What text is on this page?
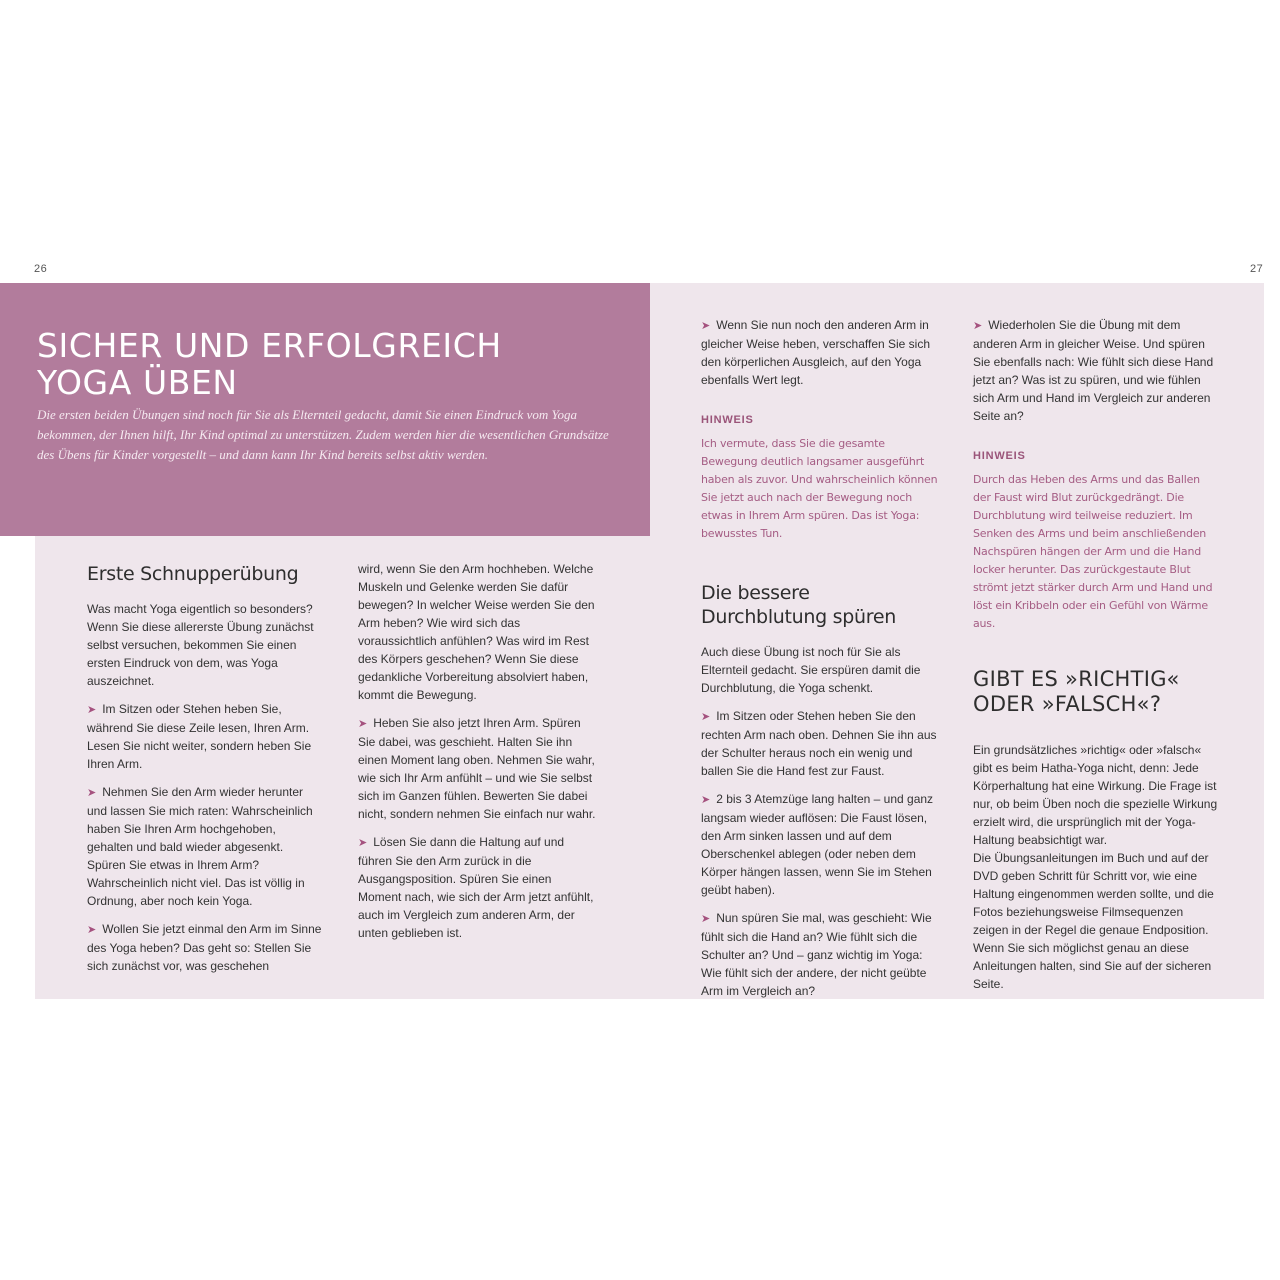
26	27
SICHER UND ERFOLGREICH
YOGA ÜBEN

Die ersten beiden Übungen sind noch für Sie als Elternteil gedacht, damit Sie einen Eindruck vom Yoga bekommen, der Ihnen hilft, Ihr Kind optimal zu unterstützen. Zudem werden hier die wesentlichen Grundsätze des Übens für Kinder vorgestellt – und dann kann Ihr Kind bereits selbst aktiv werden.

Erste Schnupperübung

Was macht Yoga eigentlich so besonders? Wenn Sie diese allererste Übung zunächst selbst versuchen, bekommen Sie einen ersten Eindruck von dem, was Yoga auszeichnet.

➤ Im Sitzen oder Stehen heben Sie, während Sie diese Zeile lesen, Ihren Arm. Lesen Sie nicht weiter, sondern heben Sie Ihren Arm.

➤ Nehmen Sie den Arm wieder herunter und lassen Sie mich raten: Wahrscheinlich haben Sie Ihren Arm hochgehoben, gehalten und bald wieder abgesenkt. Spüren Sie etwas in Ihrem Arm? Wahrscheinlich nicht viel. Das ist völlig in Ordnung, aber noch kein Yoga.

➤ Wollen Sie jetzt einmal den Arm im Sinne des Yoga heben? Das geht so: Stellen Sie sich zunächst vor, was geschehen

wird, wenn Sie den Arm hochheben. Welche Muskeln und Gelenke werden Sie dafür bewegen? In welcher Weise werden Sie den Arm heben? Wie wird sich das voraussichtlich anfühlen? Was wird im Rest des Körpers geschehen? Wenn Sie diese gedankliche Vorbereitung absolviert haben, kommt die Bewegung.

➤ Heben Sie also jetzt Ihren Arm. Spüren Sie dabei, was geschieht. Halten Sie ihn einen Moment lang oben. Nehmen Sie wahr, wie sich Ihr Arm anfühlt – und wie Sie selbst sich im Ganzen fühlen. Bewerten Sie dabei nicht, sondern nehmen Sie einfach nur wahr.

➤ Lösen Sie dann die Haltung auf und führen Sie den Arm zurück in die Ausgangsposition. Spüren Sie einen Moment nach, wie sich der Arm jetzt anfühlt, auch im Vergleich zum anderen Arm, der unten geblieben ist.

➤ Wenn Sie nun noch den anderen Arm in gleicher Weise heben, verschaffen Sie sich den körperlichen Ausgleich, auf den Yoga ebenfalls Wert legt.

HINWEIS
Ich vermute, dass Sie die gesamte Bewegung deutlich langsamer ausgeführt haben als zuvor. Und wahrscheinlich können Sie jetzt auch nach der Bewegung noch etwas in Ihrem Arm spüren. Das ist Yoga: bewusstes Tun.
Die bessere Durchblutung spüren

Auch diese Übung ist noch für Sie als Elternteil gedacht. Sie erspüren damit die Durchblutung, die Yoga schenkt.

➤ Im Sitzen oder Stehen heben Sie den rechten Arm nach oben. Dehnen Sie ihn aus der Schulter heraus noch ein wenig und ballen Sie die Hand fest zur Faust.

➤ 2 bis 3 Atemzüge lang halten – und ganz langsam wieder auflösen: Die Faust lösen, den Arm sinken lassen und auf dem Oberschenkel ablegen (oder neben dem Körper hängen lassen, wenn Sie im Stehen geübt haben).

➤ Nun spüren Sie mal, was geschieht: Wie fühlt sich die Hand an? Wie fühlt sich die Schulter an? Und – ganz wichtig im Yoga: Wie fühlt sich der andere, der nicht geübte Arm im Vergleich an?

➤ Wiederholen Sie die Übung mit dem anderen Arm in gleicher Weise. Und spüren Sie ebenfalls nach: Wie fühlt sich diese Hand jetzt an? Was ist zu spüren, und wie fühlen sich Arm und Hand im Vergleich zur anderen Seite an?

HINWEIS
Durch das Heben des Arms und das Ballen der Faust wird Blut zurückgedrängt. Die Durchblutung wird teilweise reduziert. Im Senken des Arms und beim anschließenden Nachspüren hängen der Arm und die Hand locker herunter. Das zurückgestaute Blut strömt jetzt stärker durch Arm und Hand und löst ein Kribbeln oder ein Gefühl von Wärme aus.
GIBT ES »RICHTIG« ODER »FALSCH«?

Ein grundsätzliches »richtig« oder »falsch« gibt es beim Hatha-Yoga nicht, denn: Jede Körperhaltung hat eine Wirkung. Die Frage ist nur, ob beim Üben noch die spezielle Wirkung erzielt wird, die ursprünglich mit der Yoga-Haltung beabsichtigt war.

Die Übungsanleitungen im Buch und auf der DVD geben Schritt für Schritt vor, wie eine Haltung eingenommen werden sollte, und die Fotos beziehungsweise Filmsequenzen zeigen in der Regel die genaue Endposition. Wenn Sie sich möglichst genau an diese Anleitungen halten, sind Sie auf der sicheren Seite.
